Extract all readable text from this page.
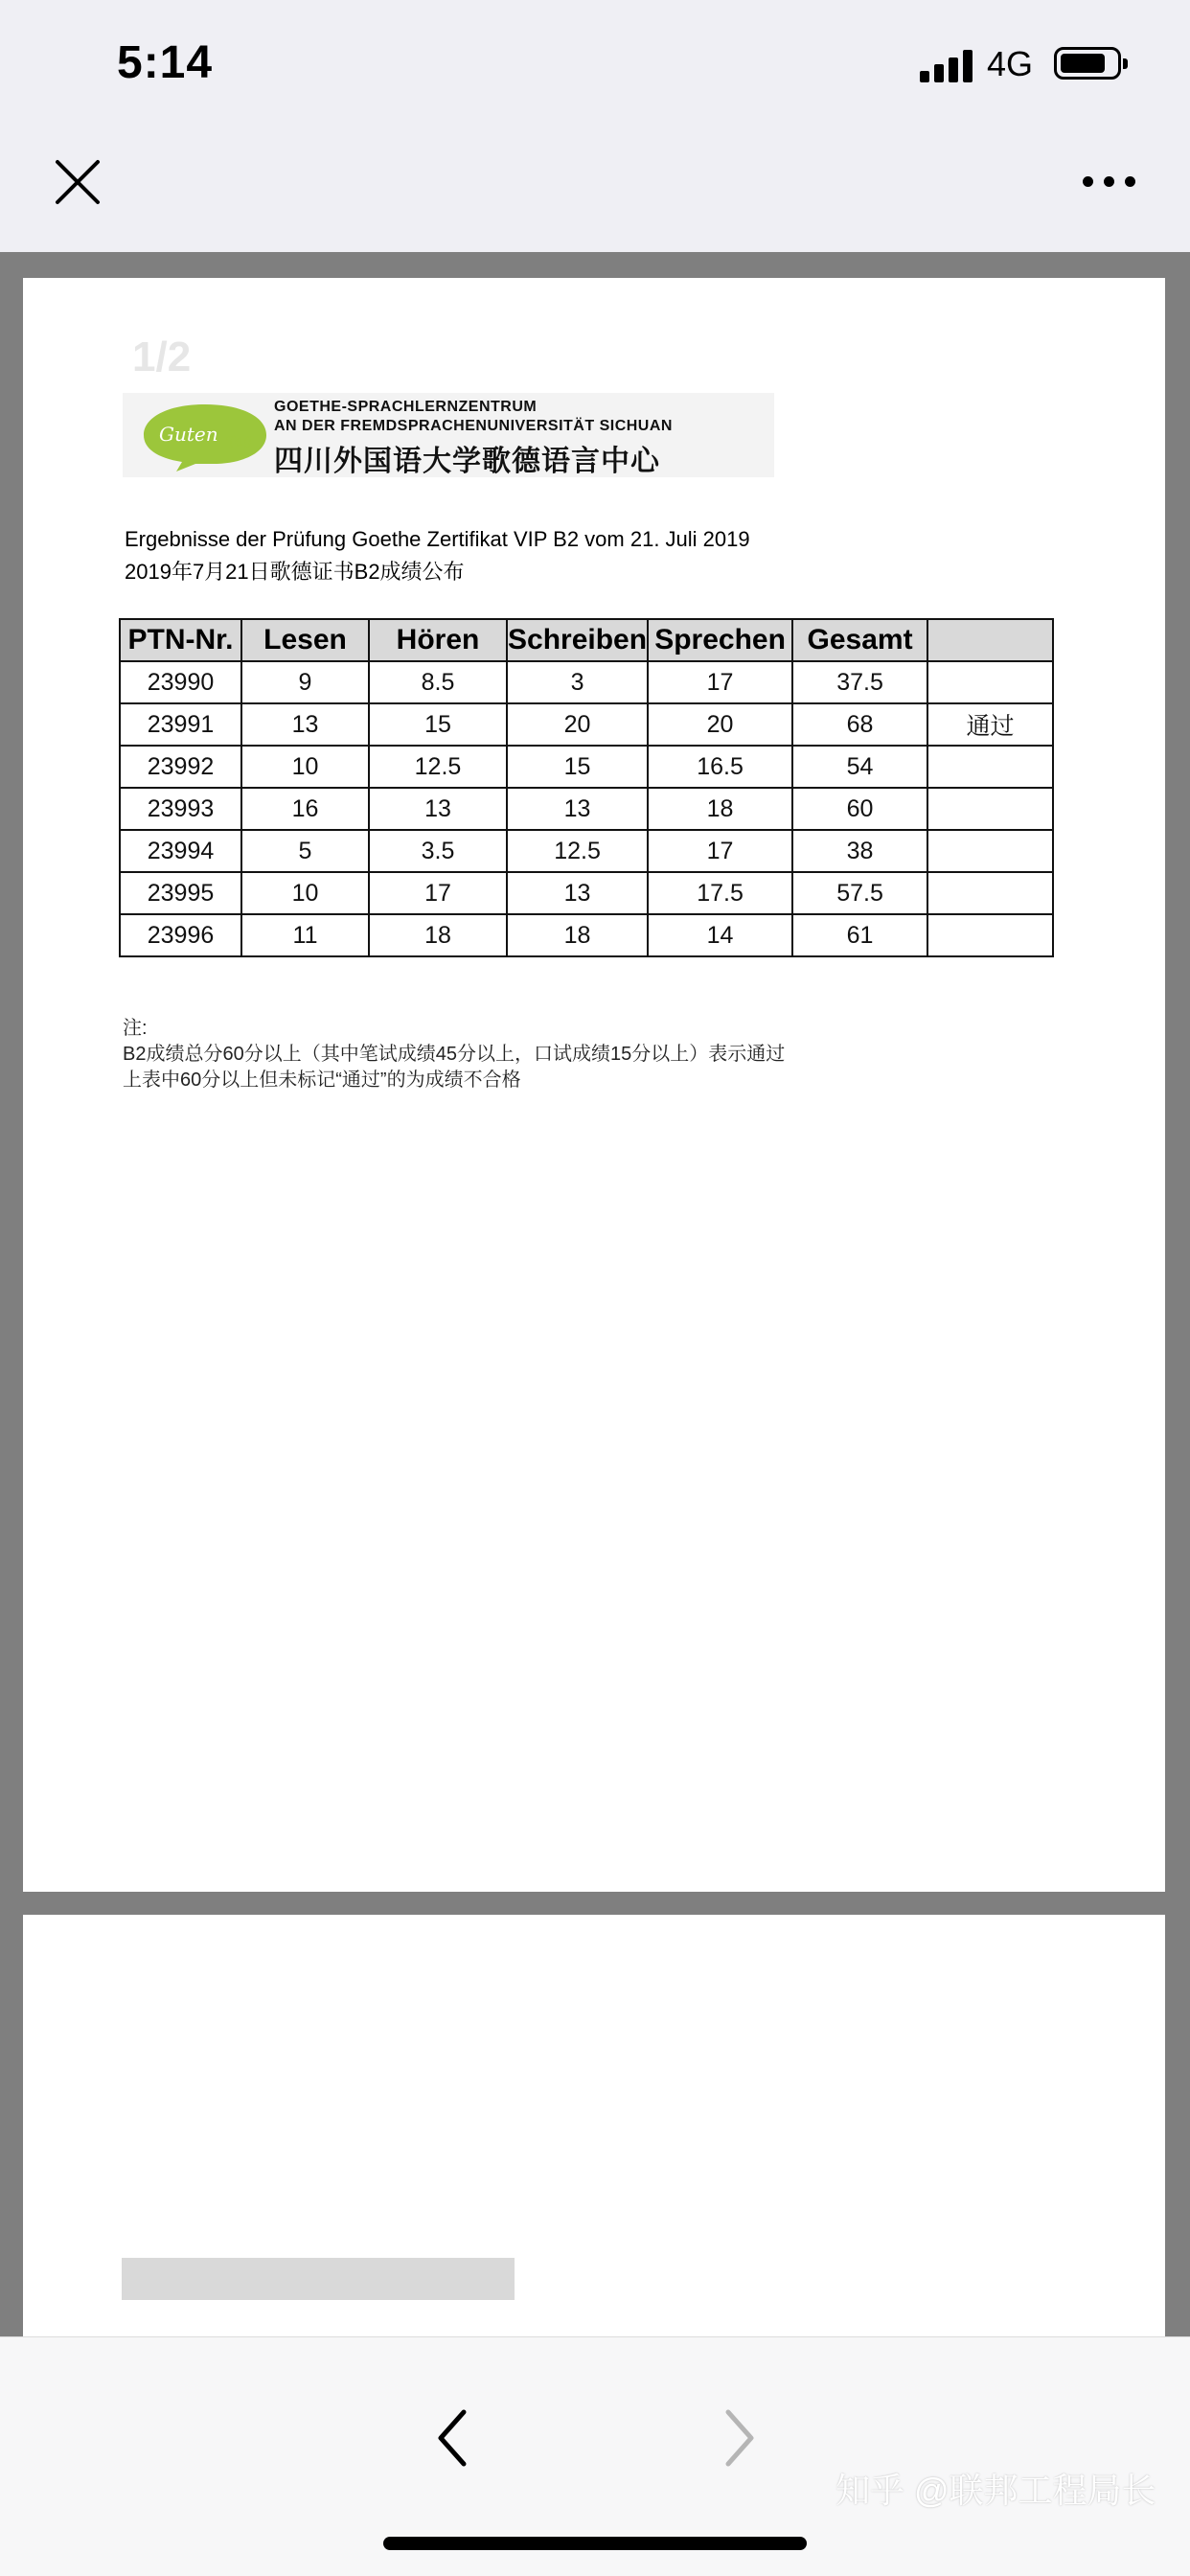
5:14	4G
1/2
Guten Tag
GOETHE-SPRACHLERNZENTRUM
AN DER FREMDSPRACHENUNIVERSITÄT SICHUAN
四川外国语大学歌德语言中心
Ergebnisse der Prüfung Goethe Zertifikat VIP B2 vom 21. Juli 2019
2019年7月21日歌德证书B2成绩公布
PTN-Nr.	Lesen	Hören	Schreiben	Sprechen	Gesamt	
23990	9	8.5	3	17	37.5	
23991	13	15	20	20	68	通过
23992	10	12.5	15	16.5	54	
23993	16	13	13	18	60	
23994	5	3.5	12.5	17	38	
23995	10	17	13	17.5	57.5	
23996	11	18	18	14	61	
注:
B2成绩总分60分以上（其中笔试成绩45分以上，口试成绩15分以上）表示通过
上表中60分以上但未标记“通过”的为成绩不合格
知乎 @联邦工程局长
